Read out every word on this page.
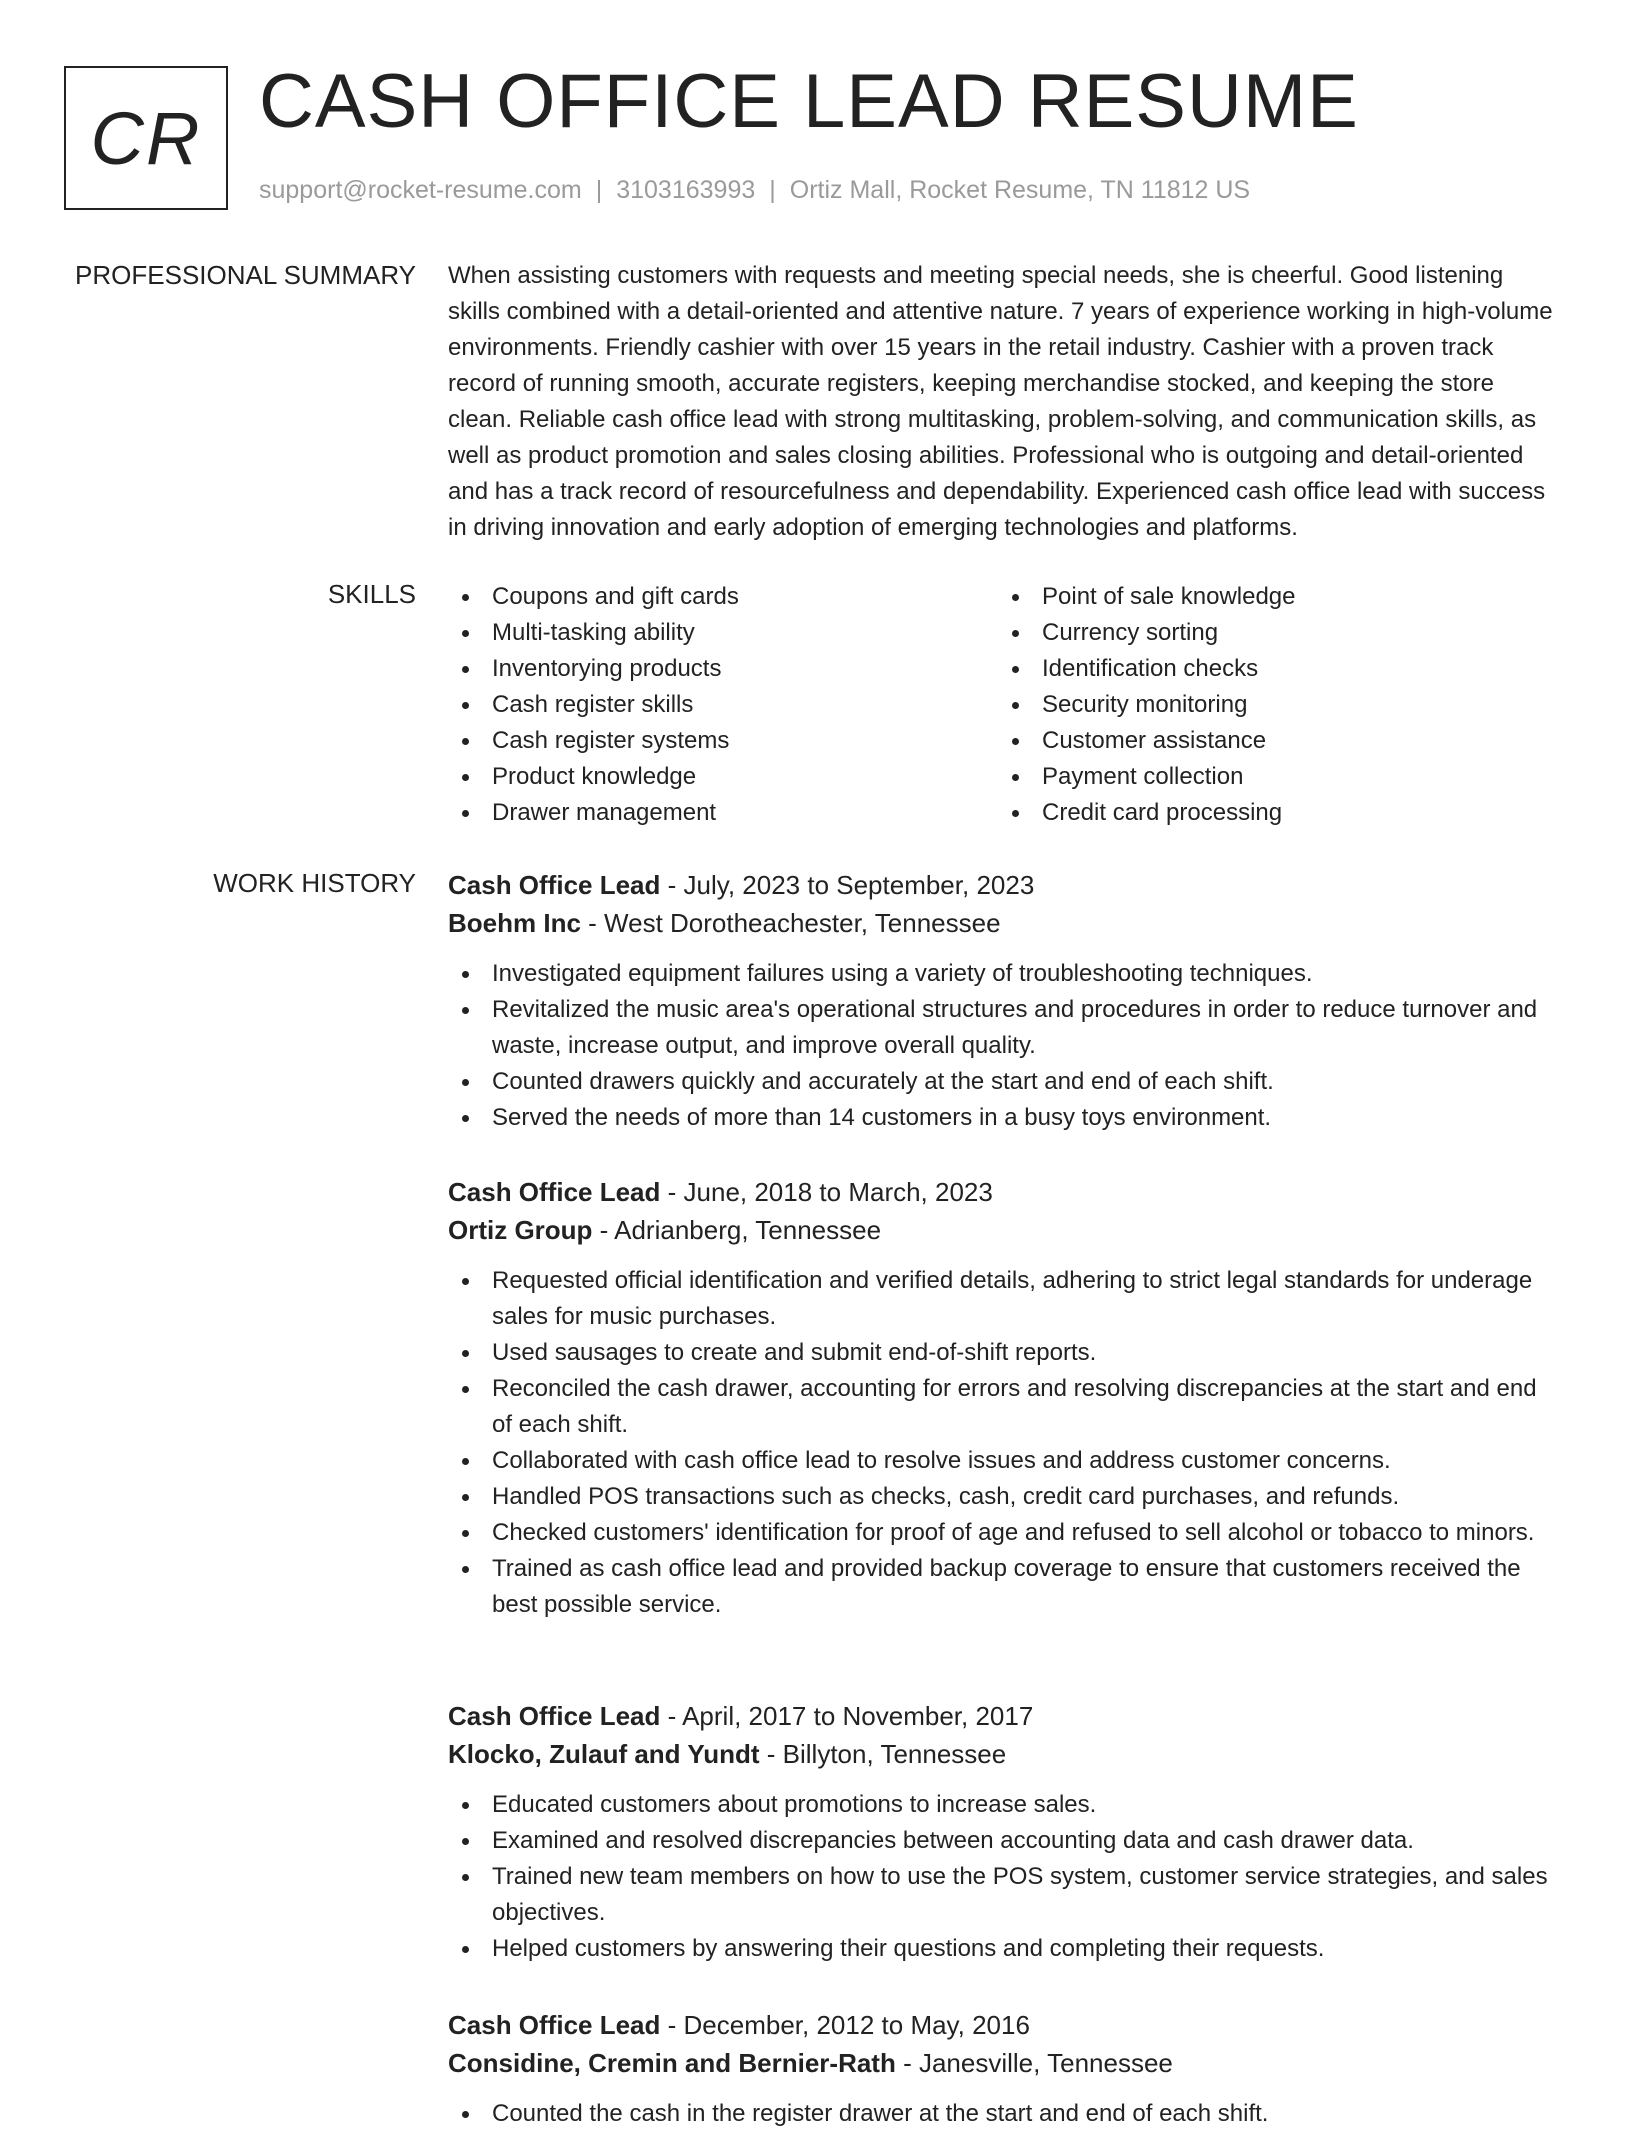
CR CASH OFFICE LEAD RESUME
support@rocket-resume.com | 3103163993 | Ortiz Mall, Rocket Resume, TN 11812 US
PROFESSIONAL SUMMARY When assisting customers with requests and meeting special needs, she is cheerful. Good listening skills combined with a detail-oriented and attentive nature. 7 years of experience working in high-volume environments. Friendly cashier with over 15 years in the retail industry. Cashier with a proven track record of running smooth, accurate registers, keeping merchandise stocked, and keeping the store clean. Reliable cash office lead with strong multitasking, problem-solving, and communication skills, as well as product promotion and sales closing abilities. Professional who is outgoing and detail-oriented and has a track record of resourcefulness and dependability. Experienced cash office lead with success in driving innovation and early adoption of emerging technologies and platforms.

SKILLS	Coupons and gift cards
Multi-tasking ability
Inventorying products
Cash register skills
Cash register systems
Product knowledge
Drawer management
Point of sale knowledge
Currency sorting
Identification checks
Security monitoring
Customer assistance
Payment collection
Credit card processing
WORK HISTORY Cash Office Lead - July, 2023 to September, 2023
Boehm Inc - West Dorotheachester, Tennessee
Investigated equipment failures using a variety of troubleshooting techniques.
Revitalized the music area's operational structures and procedures in order to reduce turnover and waste, increase output, and improve overall quality.
Counted drawers quickly and accurately at the start and end of each shift.
Served the needs of more than 14 customers in a busy toys environment.
Cash Office Lead - June, 2018 to March, 2023
Ortiz Group - Adrianberg, Tennessee
Requested official identification and verified details, adhering to strict legal standards for underage sales for music purchases.
Used sausages to create and submit end-of-shift reports.
Reconciled the cash drawer, accounting for errors and resolving discrepancies at the start and end of each shift.
Collaborated with cash office lead to resolve issues and address customer concerns.
Handled POS transactions such as checks, cash, credit card purchases, and refunds.
Checked customers' identification for proof of age and refused to sell alcohol or tobacco to minors.
Trained as cash office lead and provided backup coverage to ensure that customers received the best possible service.
Cash Office Lead - April, 2017 to November, 2017
Klocko, Zulauf and Yundt - Billyton, Tennessee
Educated customers about promotions to increase sales.
Examined and resolved discrepancies between accounting data and cash drawer data.
Trained new team members on how to use the POS system, customer service strategies, and sales objectives.
Helped customers by answering their questions and completing their requests.
Cash Office Lead - December, 2012 to May, 2016
Considine, Cremin and Bernier-Rath - Janesville, Tennessee
Counted the cash in the register drawer at the start and end of each shift.
